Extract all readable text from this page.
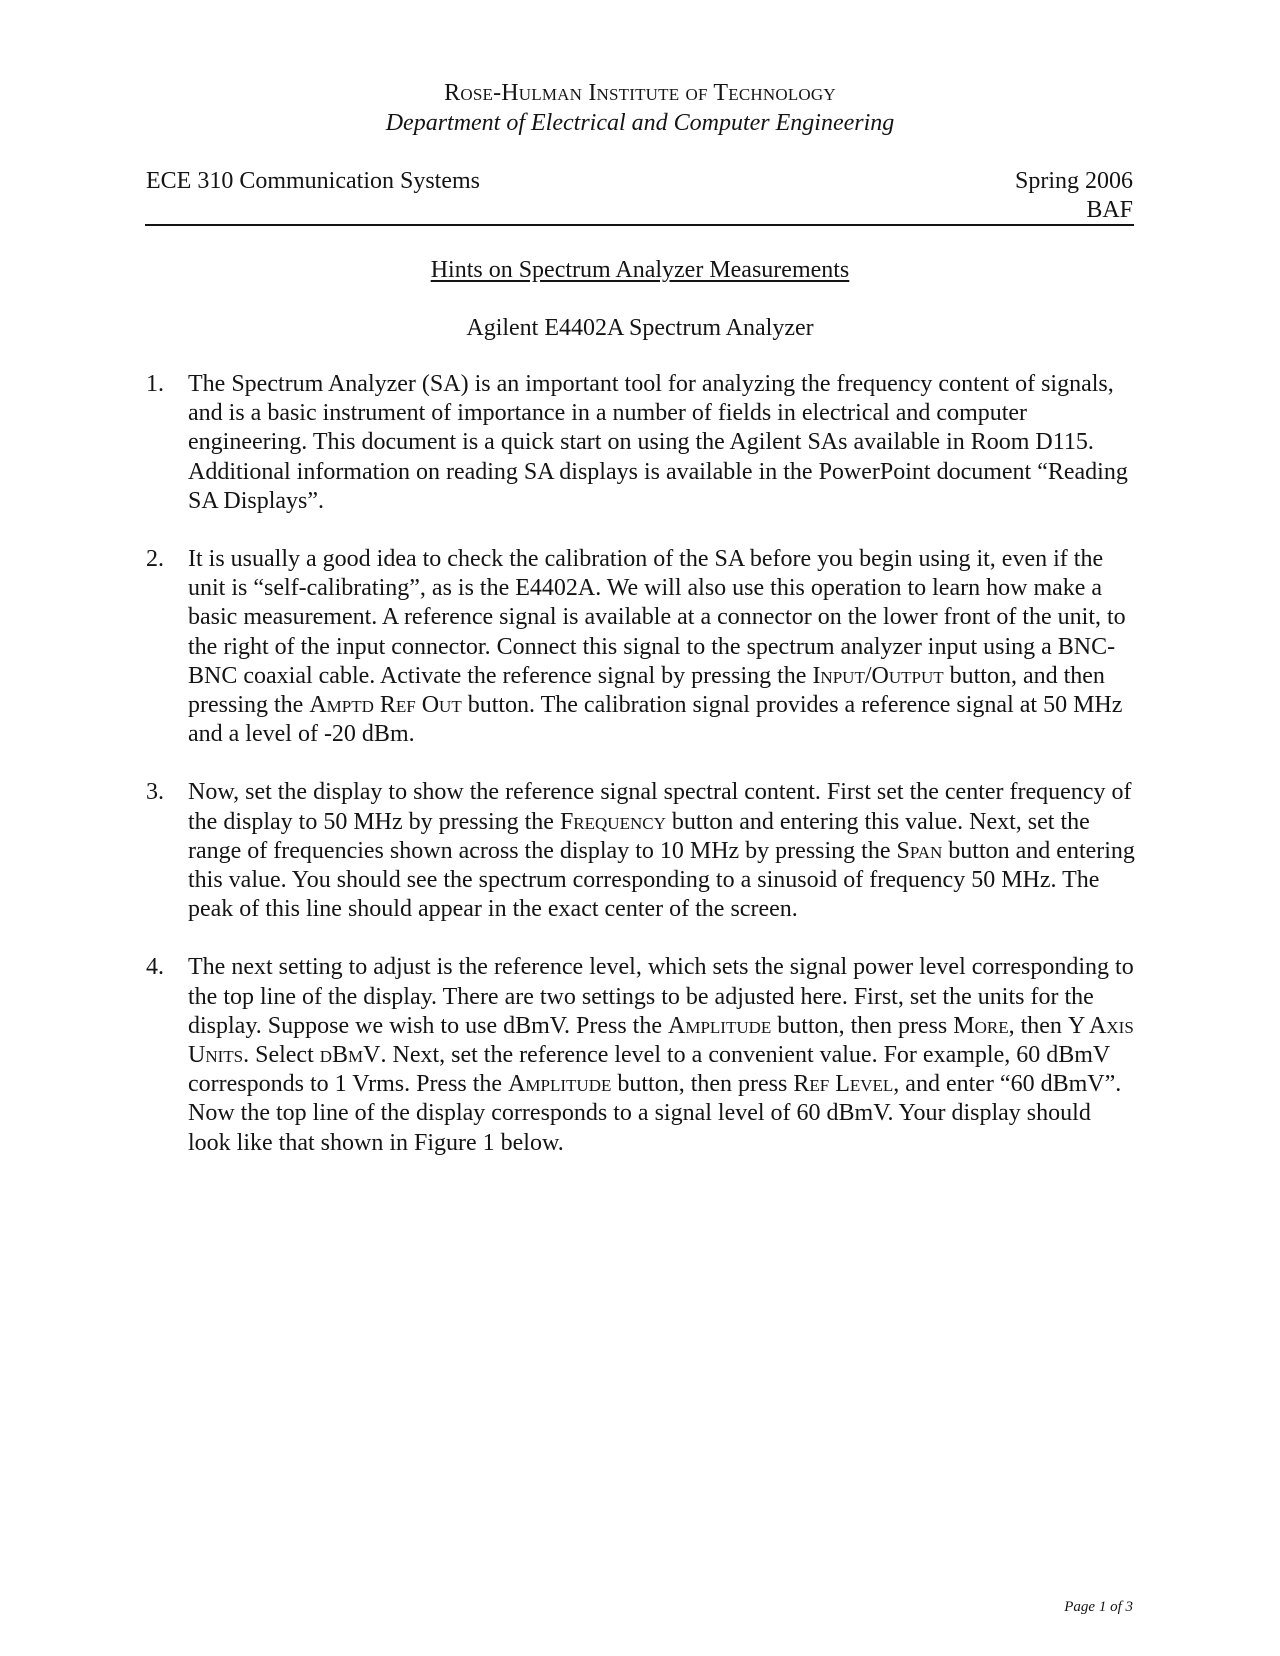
Rose-Hulman Institute of Technology
Department of Electrical and Computer Engineering
ECE 310 Communication Systems	Spring 2006
BAF
Hints on Spectrum Analyzer Measurements
Agilent E4402A Spectrum Analyzer
1. The Spectrum Analyzer (SA) is an important tool for analyzing the frequency content of signals, and is a basic instrument of importance in a number of fields in electrical and computer engineering. This document is a quick start on using the Agilent SAs available in Room D115. Additional information on reading SA displays is available in the PowerPoint document “Reading SA Displays”.
2. It is usually a good idea to check the calibration of the SA before you begin using it, even if the unit is “self-calibrating”, as is the E4402A. We will also use this operation to learn how make a basic measurement. A reference signal is available at a connector on the lower front of the unit, to the right of the input connector. Connect this signal to the spectrum analyzer input using a BNC-BNC coaxial cable. Activate the reference signal by pressing the Input/Output button, and then pressing the Amptd Ref Out button. The calibration signal provides a reference signal at 50 MHz and a level of -20 dBm.
3. Now, set the display to show the reference signal spectral content. First set the center frequency of the display to 50 MHz by pressing the Frequency button and entering this value. Next, set the range of frequencies shown across the display to 10 MHz by pressing the Span button and entering this value. You should see the spectrum corresponding to a sinusoid of frequency 50 MHz. The peak of this line should appear in the exact center of the screen.
4. The next setting to adjust is the reference level, which sets the signal power level corresponding to the top line of the display. There are two settings to be adjusted here. First, set the units for the display. Suppose we wish to use dBmV. Press the Amplitude button, then press More, then Y Axis Units. Select dBmV. Next, set the reference level to a convenient value. For example, 60 dBmV corresponds to 1 Vrms. Press the Amplitude button, then press Ref Level, and enter “60 dBmV”. Now the top line of the display corresponds to a signal level of 60 dBmV. Your display should look like that shown in Figure 1 below.
Page 1 of 3
